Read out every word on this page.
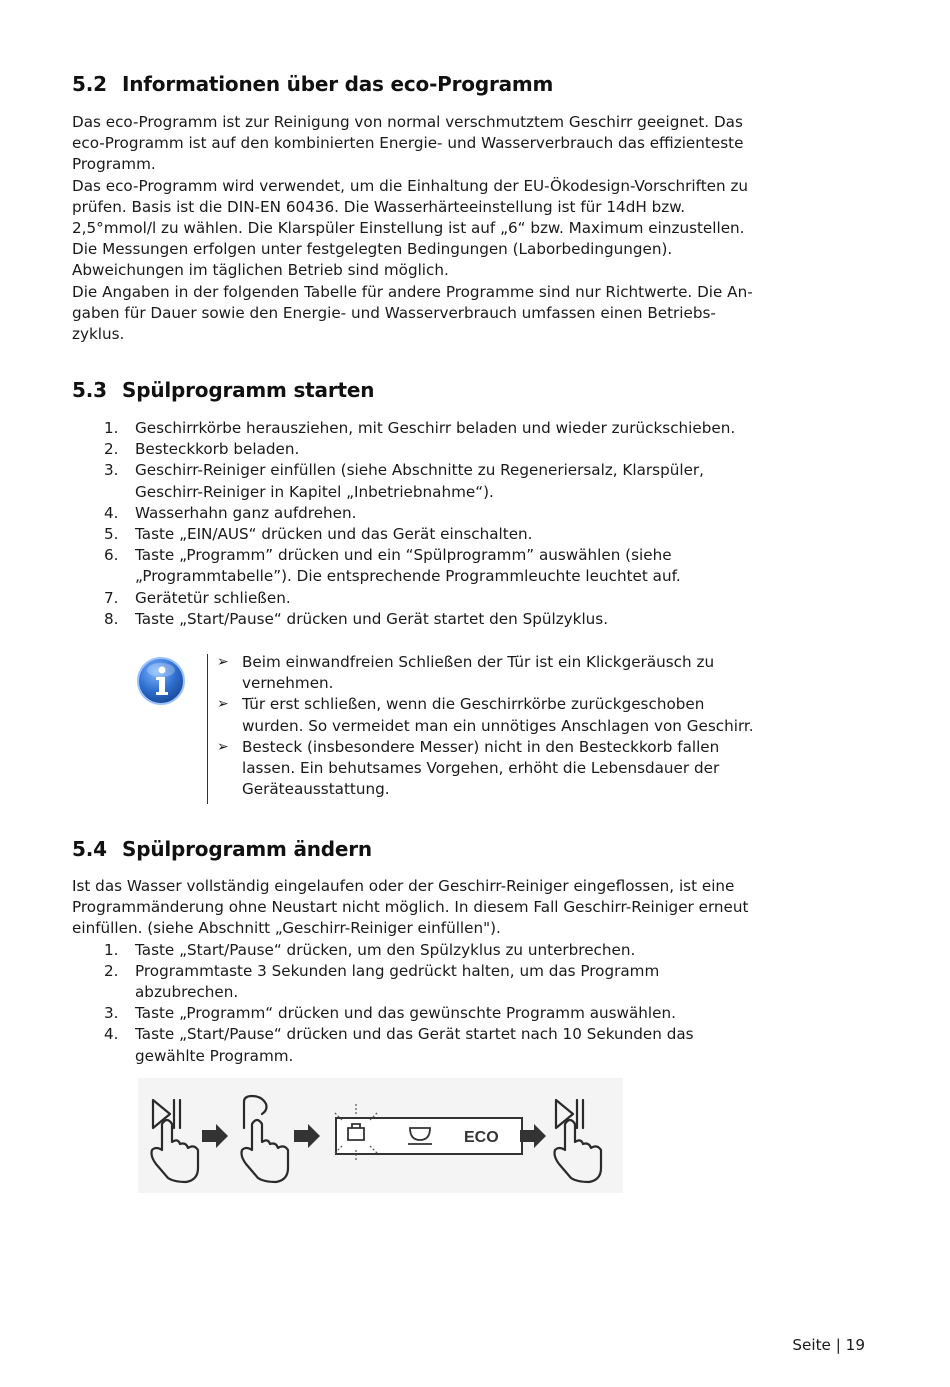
5.2 Informationen über das eco-Programm
Das eco-Programm ist zur Reinigung von normal verschmutztem Geschirr geeignet. Das
eco-Programm ist auf den kombinierten Energie- und Wasserverbrauch das effizienteste
Programm.
Das eco-Programm wird verwendet, um die Einhaltung der EU-Ökodesign-Vorschriften zu
prüfen. Basis ist die DIN-EN 60436. Die Wasserhärteeinstellung ist für 14dH bzw.
2,5°mmol/l zu wählen. Die Klarspüler Einstellung ist auf „6“ bzw. Maximum einzustellen.
Die Messungen erfolgen unter festgelegten Bedingungen (Laborbedingungen).
Abweichungen im täglichen Betrieb sind möglich.
Die Angaben in der folgenden Tabelle für andere Programme sind nur Richtwerte. Die An-
gaben für Dauer sowie den Energie- und Wasserverbrauch umfassen einen Betriebs-
zyklus.
5.3 Spülprogramm starten
1.	Geschirrkörbe herausziehen, mit Geschirr beladen und wieder zurückschieben.
2.	Besteckkorb beladen.
3.	Geschirr-Reiniger einfüllen (siehe Abschnitte zu Regeneriersalz, Klarspüler,
Geschirr-Reiniger in Kapitel „Inbetriebnahme“).
4.	Wasserhahn ganz aufdrehen.
5.	Taste „EIN/AUS“ drücken und das Gerät einschalten.
6.	Taste „Programm” drücken und ein “Spülprogramm” auswählen (siehe
„Programmtabelle”). Die entsprechende Programmleuchte leuchtet auf.
7.	Gerätetür schließen.
8.	Taste „Start/Pause“ drücken und Gerät startet den Spülzyklus.
➢ Beim einwandfreien Schließen der Tür ist ein Klickgeräusch zu
vernehmen.
➢ Tür erst schließen, wenn die Geschirrkörbe zurückgeschoben
wurden. So vermeidet man ein unnötiges Anschlagen von Geschirr.
➢ Besteck (insbesondere Messer) nicht in den Besteckkorb fallen
lassen. Ein behutsames Vorgehen, erhöht die Lebensdauer der
Geräteausstattung.
5.4 Spülprogramm ändern
Ist das Wasser vollständig eingelaufen oder der Geschirr-Reiniger eingeflossen, ist eine
Programmänderung ohne Neustart nicht möglich. In diesem Fall Geschirr-Reiniger erneut
einfüllen. (siehe Abschnitt „Geschirr-Reiniger einfüllen").
1.	Taste „Start/Pause“ drücken, um den Spülzyklus zu unterbrechen.
2.	Programmtaste 3 Sekunden lang gedrückt halten, um das Programm
abzubrechen.
3.	Taste „Programm“ drücken und das gewünschte Programm auswählen.
4.	Taste „Start/Pause“ drücken und das Gerät startet nach 10 Sekunden das
gewählte Programm.
ECO
Seite | 19
